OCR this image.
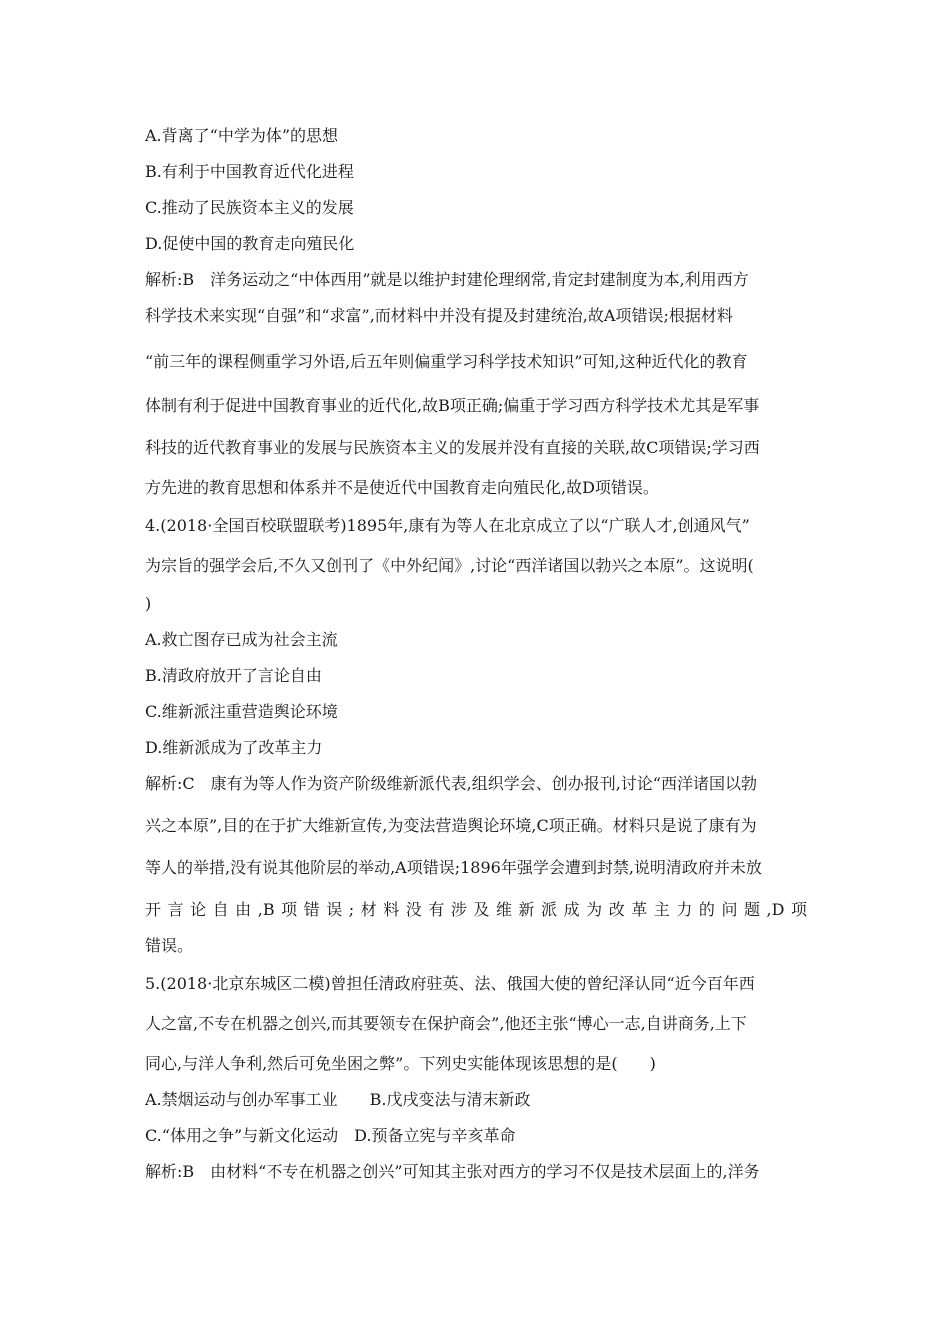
A.背离了“中学为体”的思想
B.有利于中国教育近代化进程
C.推动了民族资本主义的发展
D.促使中国的教育走向殖民化
解析:B　洋务运动之“中体西用”就是以维护封建伦理纲常,肯定封建制度为本,利用西方
科学技术来实现“自强”和“求富”,而材料中并没有提及封建统治,故A项错误;根据材料
“前三年的课程侧重学习外语,后五年则偏重学习科学技术知识”可知,这种近代化的教育
体制有利于促进中国教育事业的近代化,故B项正确;偏重于学习西方科学技术尤其是军事
科技的近代教育事业的发展与民族资本主义的发展并没有直接的关联,故C项错误;学习西
方先进的教育思想和体系并不是使近代中国教育走向殖民化,故D项错误。
4.(2018·全国百校联盟联考)1895年,康有为等人在北京成立了以“广联人才,创通风气”
为宗旨的强学会后,不久又创刊了《中外纪闻》,讨论“西洋诸国以勃兴之本原”。这说明(
)
A.救亡图存已成为社会主流
B.清政府放开了言论自由
C.维新派注重营造舆论环境
D.维新派成为了改革主力
解析:C　康有为等人作为资产阶级维新派代表,组织学会、创办报刊,讨论“西洋诸国以勃
兴之本原”,目的在于扩大维新宣传,为变法营造舆论环境,C项正确。材料只是说了康有为
等人的举措,没有说其他阶层的举动,A项错误;1896年强学会遭到封禁,说明清政府并未放
开言论自由,B项错误;材料没有涉及维新派成为改革主力的问题,D项
错误。
5.(2018·北京东城区二模)曾担任清政府驻英、法、俄国大使的曾纪泽认同“近今百年西
人之富,不专在机器之创兴,而其要领专在保护商会”,他还主张“博心一志,自讲商务,上下
同心,与洋人争利,然后可免坐困之弊”。下列史实能体现该思想的是(　　)
A.禁烟运动与创办军事工业　　B.戊戌变法与清末新政
C.“体用之争”与新文化运动　D.预备立宪与辛亥革命
解析:B　由材料“不专在机器之创兴”可知其主张对西方的学习不仅是技术层面上的,洋务
